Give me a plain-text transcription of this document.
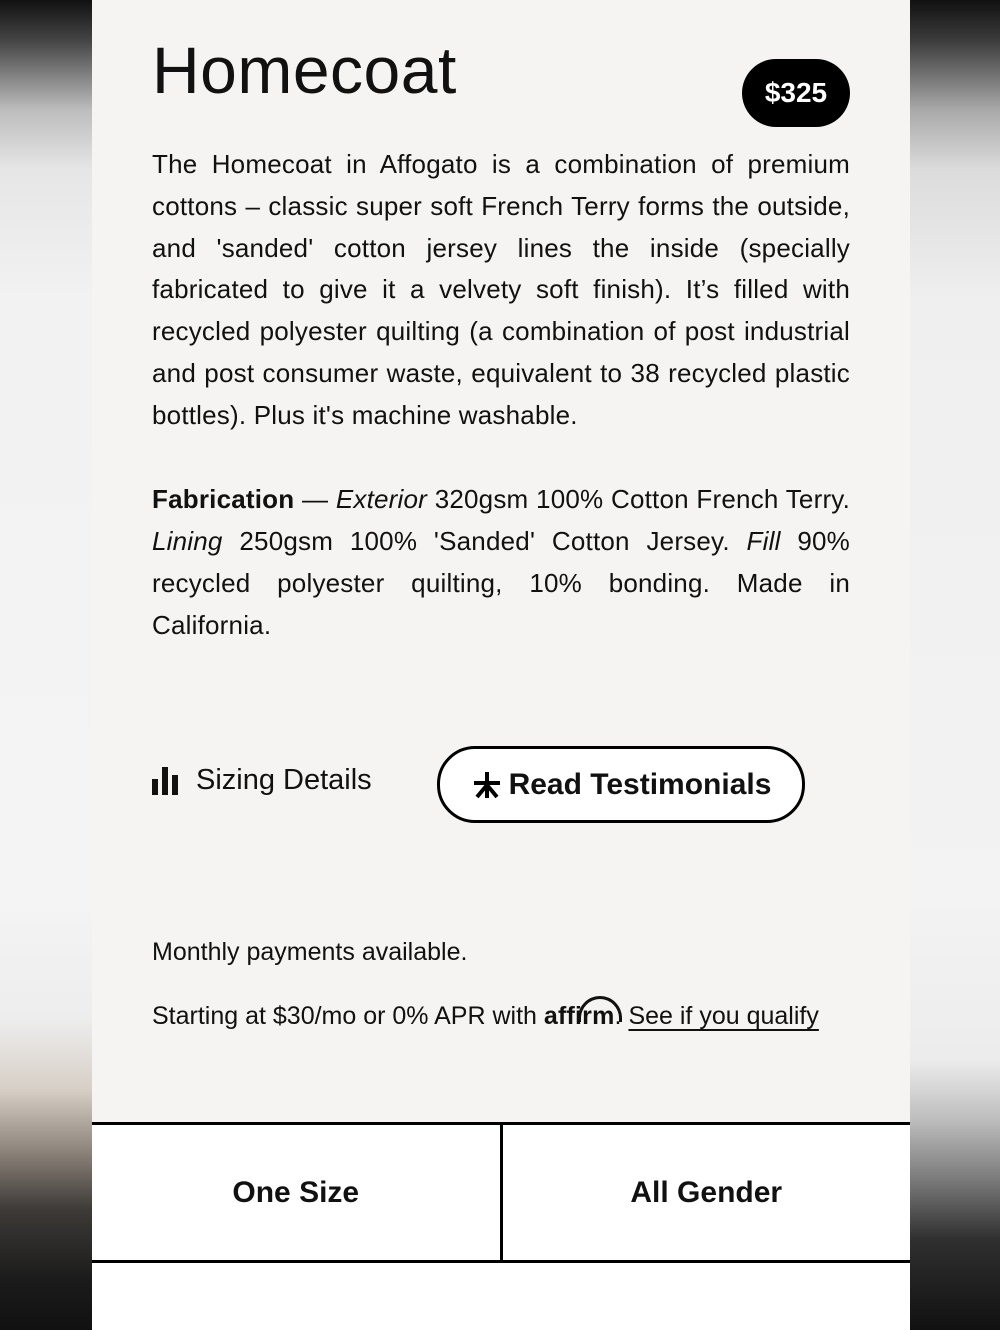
Homecoat	$325

The Homecoat in Affogato is a combination of premium cottons – classic super soft French Terry forms the outside, and 'sanded' cotton jersey lines the inside (specially fabricated to give it a velvety soft finish). It’s filled with recycled polyester quilting (a combination of post industrial and post consumer waste, equivalent to 38 recycled plastic bottles). Plus it's machine washable.

Fabrication — Exterior 320gsm 100% Cotton French Terry. Lining 250gsm 100% 'Sanded' Cotton Jersey. Fill 90% recycled polyester quilting, 10% bonding. Made in California.

Sizing Details	Read Testimonials

Monthly payments available.

Starting at $30/mo or 0% APR with affirm. See if you qualify

One Size	All Gender
